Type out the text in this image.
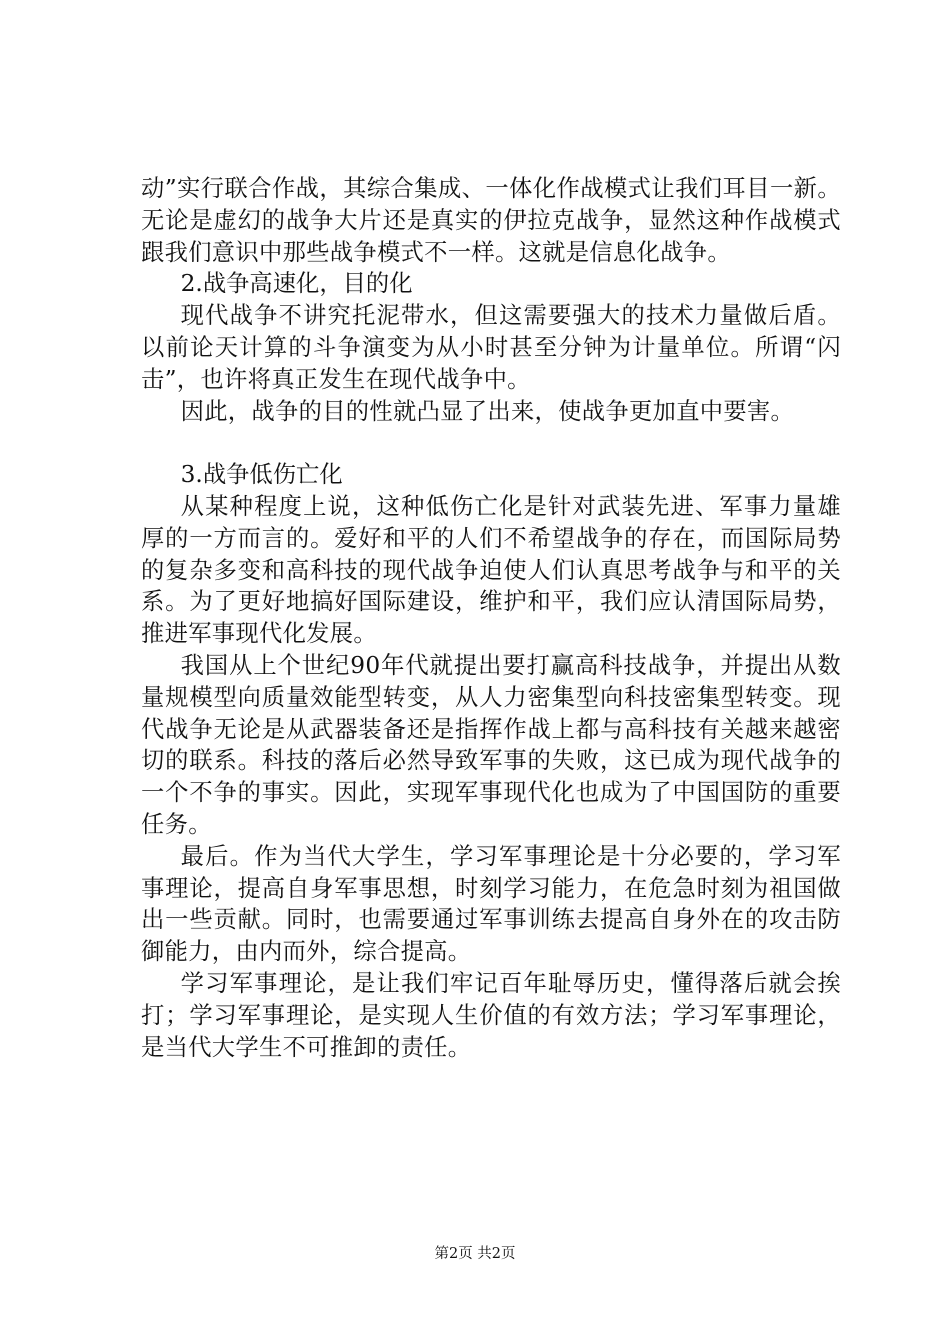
动”实行联合作战，其综合集成、一体化作战模式让我们耳目一新。无论是虚幻的战争大片还是真实的伊拉克战争，显然这种作战模式跟我们意识中那些战争模式不一样。这就是信息化战争。

2.战争高速化，目的化

现代战争不讲究托泥带水，但这需要强大的技术力量做后盾。以前论天计算的斗争演变为从小时甚至分钟为计量单位。所谓“闪击”，也许将真正发生在现代战争中。

因此，战争的目的性就凸显了出来，使战争更加直中要害。

3.战争低伤亡化

从某种程度上说，这种低伤亡化是针对武装先进、军事力量雄厚的一方而言的。爱好和平的人们不希望战争的存在，而国际局势的复杂多变和高科技的现代战争迫使人们认真思考战争与和平的关系。为了更好地搞好国际建设，维护和平，我们应认清国际局势，推进军事现代化发展。

我国从上个世纪90年代就提出要打赢高科技战争，并提出从数量规模型向质量效能型转变，从人力密集型向科技密集型转变。现代战争无论是从武器装备还是指挥作战上都与高科技有关越来越密切的联系。科技的落后必然导致军事的失败，这已成为现代战争的一个不争的事实。因此，实现军事现代化也成为了中国国防的重要任务。

最后。作为当代大学生，学习军事理论是十分必要的，学习军事理论，提高自身军事思想，时刻学习能力，在危急时刻为祖国做出一些贡献。同时，也需要通过军事训练去提高自身外在的攻击防御能力，由内而外，综合提高。

学习军事理论，是让我们牢记百年耻辱历史，懂得落后就会挨打；学习军事理论，是实现人生价值的有效方法；学习军事理论，是当代大学生不可推卸的责任。

第2页 共2页
